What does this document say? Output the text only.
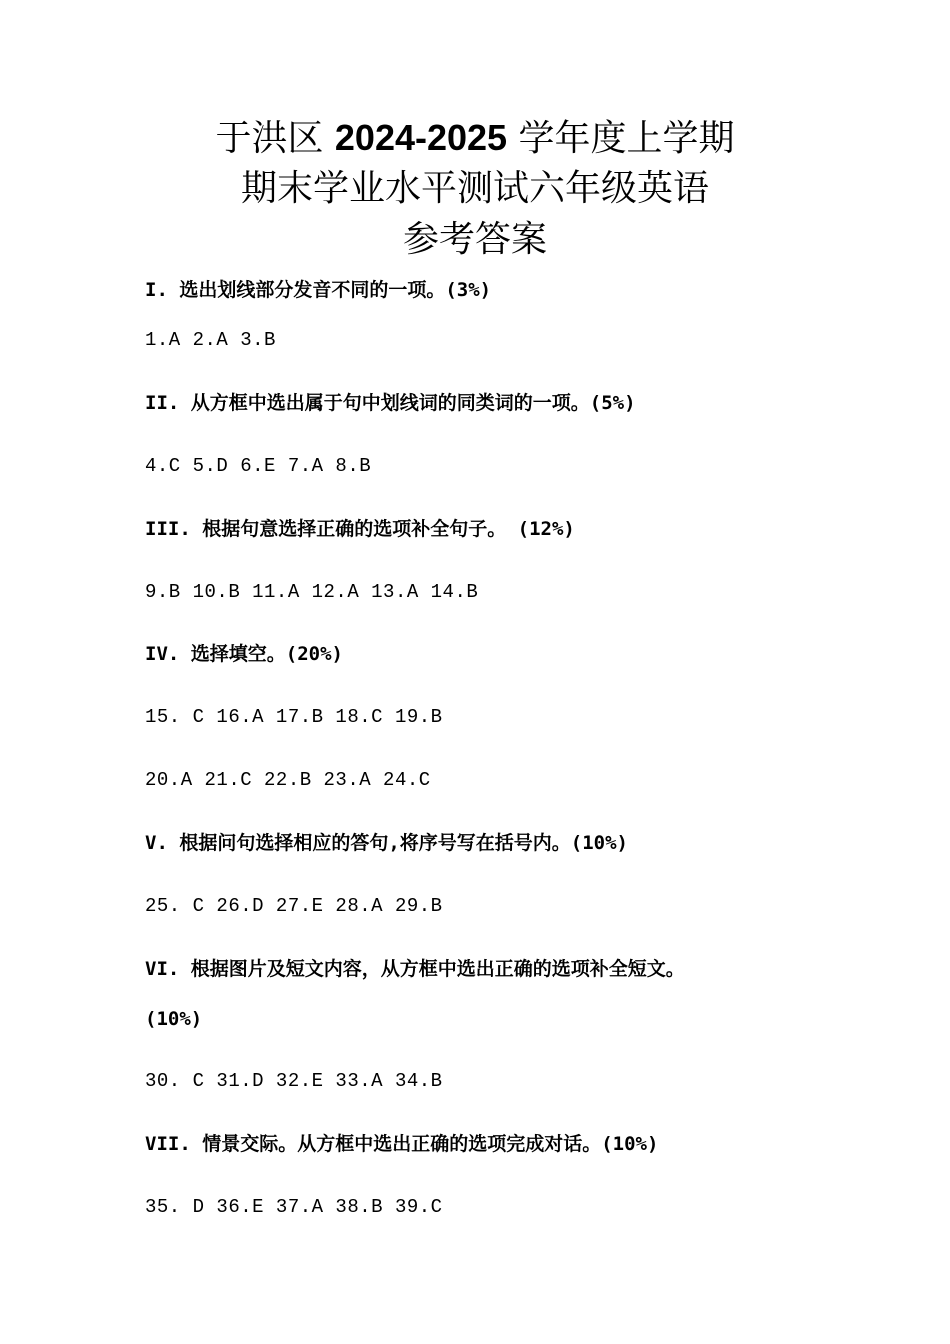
于洪区 2024-2025 学年度上学期
期末学业水平测试六年级英语
参考答案
I. 选出划线部分发音不同的一项。(3%)
1.A 2.A 3.B
II. 从方框中选出属于句中划线词的同类词的一项。(5%)
4.C 5.D 6.E 7.A 8.B
III. 根据句意选择正确的选项补全句子。 (12%)
9.B 10.B 11.A 12.A 13.A 14.B
IV. 选择填空。(20%)
15. C 16.A 17.B 18.C 19.B
20.A 21.C 22.B 23.A 24.C
V. 根据问句选择相应的答句,将序号写在括号内。(10%)
25. C 26.D 27.E 28.A 29.B
VI. 根据图片及短文内容，从方框中选出正确的选项补全短文。
(10%)
30. C 31.D 32.E 33.A 34.B
VII. 情景交际。从方框中选出正确的选项完成对话。(10%)
35. D 36.E 37.A 38.B 39.C
